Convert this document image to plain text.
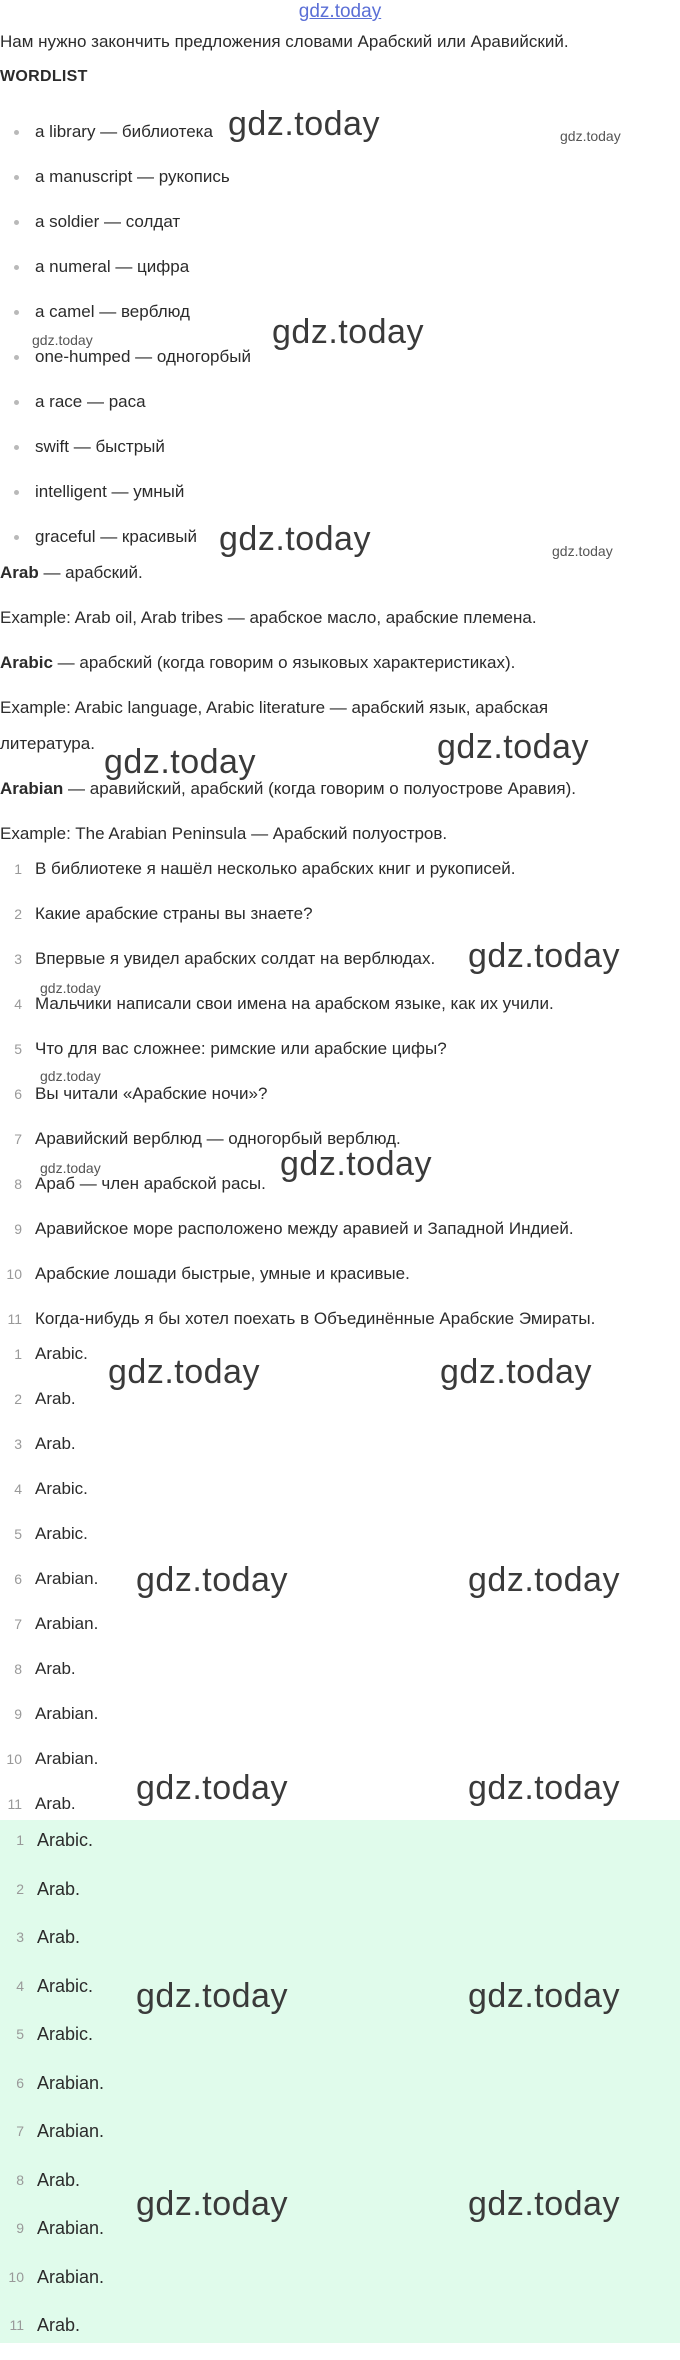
gdz.today
Нам нужно закончить предложения словами Арабский или Аравийский.
WORDLIST
a library — библиотека
a manuscript — рукопись
a soldier — солдат
a numeral — цифра
a camel — верблюд
one-humped — одногорбый
a race — раса
swift — быстрый
intelligent — умный
graceful — красивый
Arab — арабский.
Example: Arab oil, Arab tribes — арабское масло, арабские племена.
Arabic — арабский (когда говорим о языковых характеристиках).
Example: Arabic language, Arabic literature — арабский язык, арабская
литература.
Arabian — аравийский, арабский (когда говорим о полуострове Аравия).
Example: The Arabian Peninsula — Арабский полуостров.
1 В библиотеке я нашёл несколько арабских книг и рукописей.
2 Какие арабские страны вы знаете?
3 Впервые я увидел арабских солдат на верблюдах.
4 Мальчики написали свои имена на арабском языке, как их учили.
5 Что для вас сложнее: римские или арабские цифы?
6 Вы читали «Арабские ночи»?
7 Аравийский верблюд — одногорбый верблюд.
8 Араб — член арабской расы.
9 Аравийское море расположено между аравией и Западной Индией.
10 Арабские лошади быстрые, умные и красивые.
11 Когда-нибудь я бы хотел поехать в Объединённые Арабские Эмираты.
1 Arabic.
2 Arab.
3 Arab.
4 Arabic.
5 Arabic.
6 Arabian.
7 Arabian.
8 Arab.
9 Arabian.
10 Arabian.
11 Arab.
1 Arabic.
2 Arab.
3 Arab.
4 Arabic.
5 Arabic.
6 Arabian.
7 Arabian.
8 Arab.
9 Arabian.
10 Arabian.
11 Arab.
gdz.today	gdz.today
gdz.today
gdz.today
gdz.today	gdz.today
gdz.today	gdz.today
gdz.today
gdz.today
gdz.today
gdz.today	gdz.today
gdz.today	gdz.today
gdz.today	gdz.today
gdz.today	gdz.today
gdz.today	gdz.today
gdz.today	gdz.today
